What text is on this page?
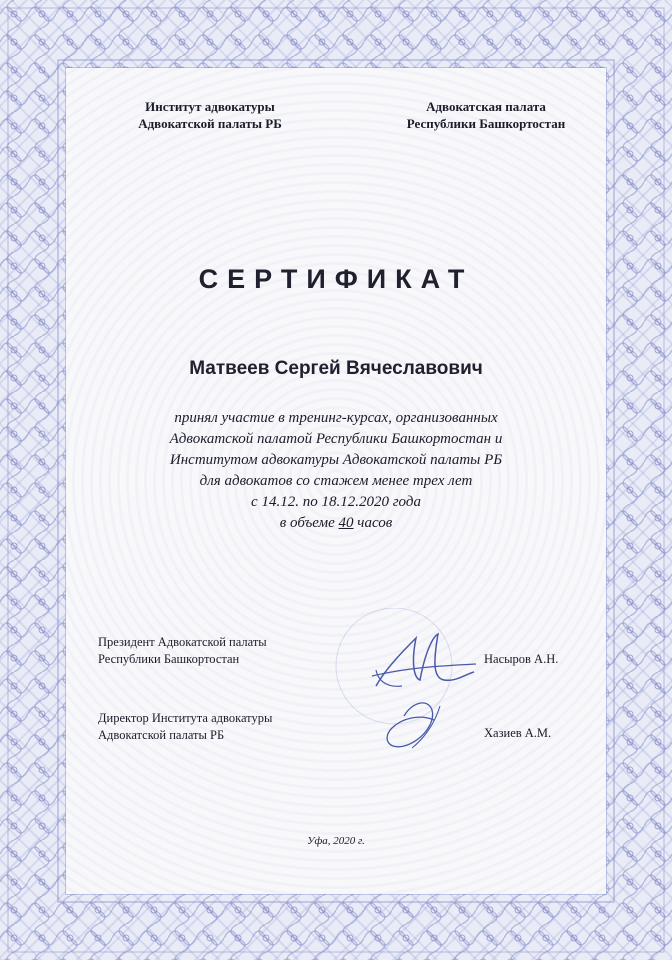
Институт адвокатуры
Адвокатской палаты РБ
Адвокатская палата
Республики Башкортостан
СЕРТИФИКАТ
Матвеев Сергей Вячеславович
принял участие в тренинг-курсах, организованных
Адвокатской палатой Республики Башкортостан и
Институтом адвокатуры Адвокатской палаты РБ
для адвокатов со стажем менее трех лет
с 14.12. по 18.12.2020 года
в объеме 40 часов
Президент Адвокатской палаты
Республики Башкортостан	Насыров А.Н.
Директор Института адвокатуры
Адвокатской палаты РБ	Хазиев А.М.
Уфа, 2020 г.
